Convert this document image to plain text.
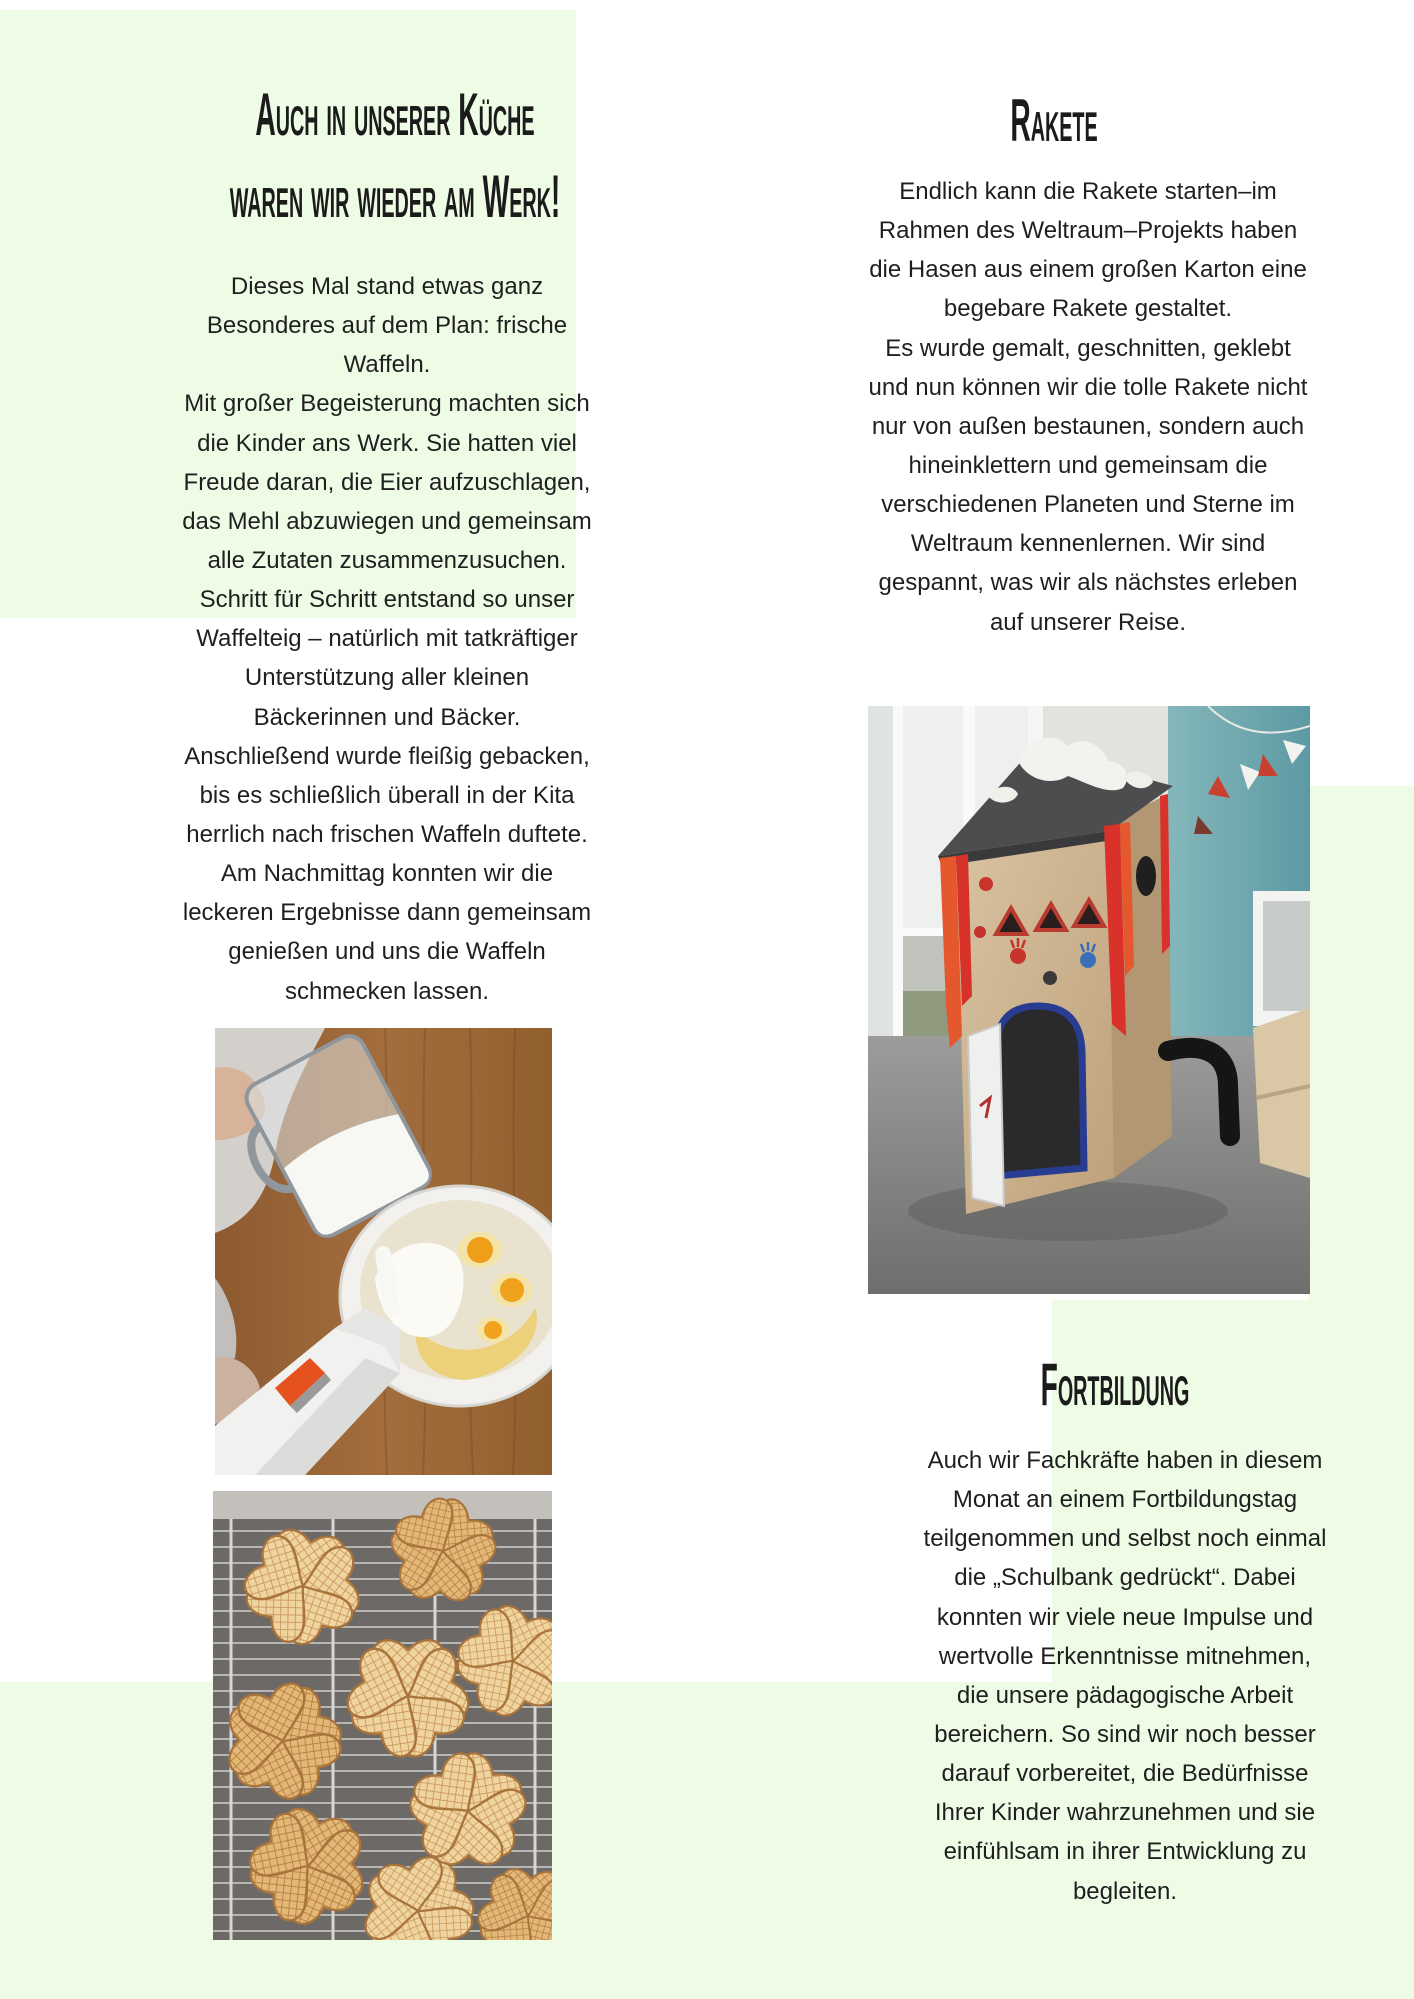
Auch in unserer Küche
waren wir wieder am Werk!
Dieses Mal stand etwas ganz
Besonderes auf dem Plan: frische
Waffeln.
Mit großer Begeisterung machten sich
die Kinder ans Werk. Sie hatten viel
Freude daran, die Eier aufzuschlagen,
das Mehl abzuwiegen und gemeinsam
alle Zutaten zusammenzusuchen.
Schritt für Schritt entstand so unser
Waffelteig – natürlich mit tatkräftiger
Unterstützung aller kleinen
Bäckerinnen und Bäcker.
Anschließend wurde fleißig gebacken,
bis es schließlich überall in der Kita
herrlich nach frischen Waffeln duftete.
Am Nachmittag konnten wir die
leckeren Ergebnisse dann gemeinsam
genießen und uns die Waffeln
schmecken lassen.
Rakete
Endlich kann die Rakete starten–im
Rahmen des Weltraum–Projekts haben
die Hasen aus einem großen Karton eine
begebare Rakete gestaltet.
Es wurde gemalt, geschnitten, geklebt
und nun können wir die tolle Rakete nicht
nur von außen bestaunen, sondern auch
hineinklettern und gemeinsam die
verschiedenen Planeten und Sterne im
Weltraum kennenlernen. Wir sind
gespannt, was wir als nächstes erleben
auf unserer Reise.
Fortbildung
Auch wir Fachkräfte haben in diesem
Monat an einem Fortbildungstag
teilgenommen und selbst noch einmal
die „Schulbank gedrückt“. Dabei
konnten wir viele neue Impulse und
wertvolle Erkenntnisse mitnehmen,
die unsere pädagogische Arbeit
bereichern. So sind wir noch besser
darauf vorbereitet, die Bedürfnisse
Ihrer Kinder wahrzunehmen und sie
einfühlsam in ihrer Entwicklung zu
begleiten.
